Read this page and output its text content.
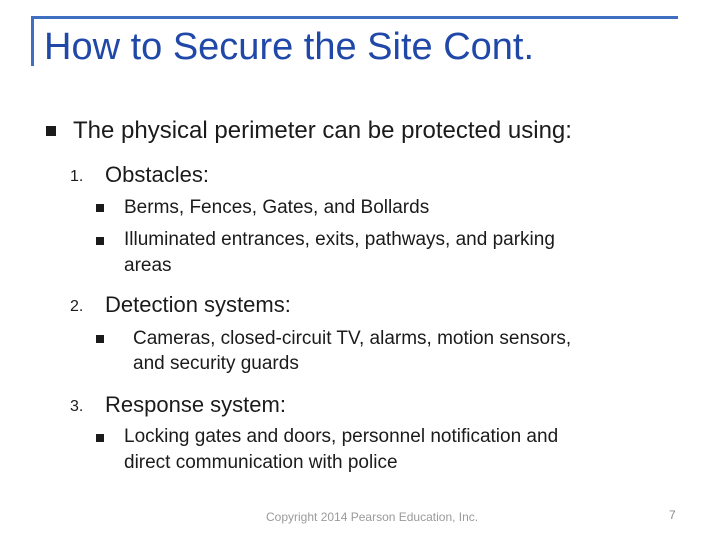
How to Secure the Site Cont.
The physical perimeter can be protected using:
1. Obstacles:
Berms, Fences, Gates, and Bollards
Illuminated entrances, exits, pathways, and parking
areas
2. Detection systems:
Cameras, closed-circuit TV, alarms, motion sensors,
and security guards
3. Response system:
Locking gates and doors, personnel notification and
direct communication with police
Copyright 2014 Pearson Education, Inc.	7
